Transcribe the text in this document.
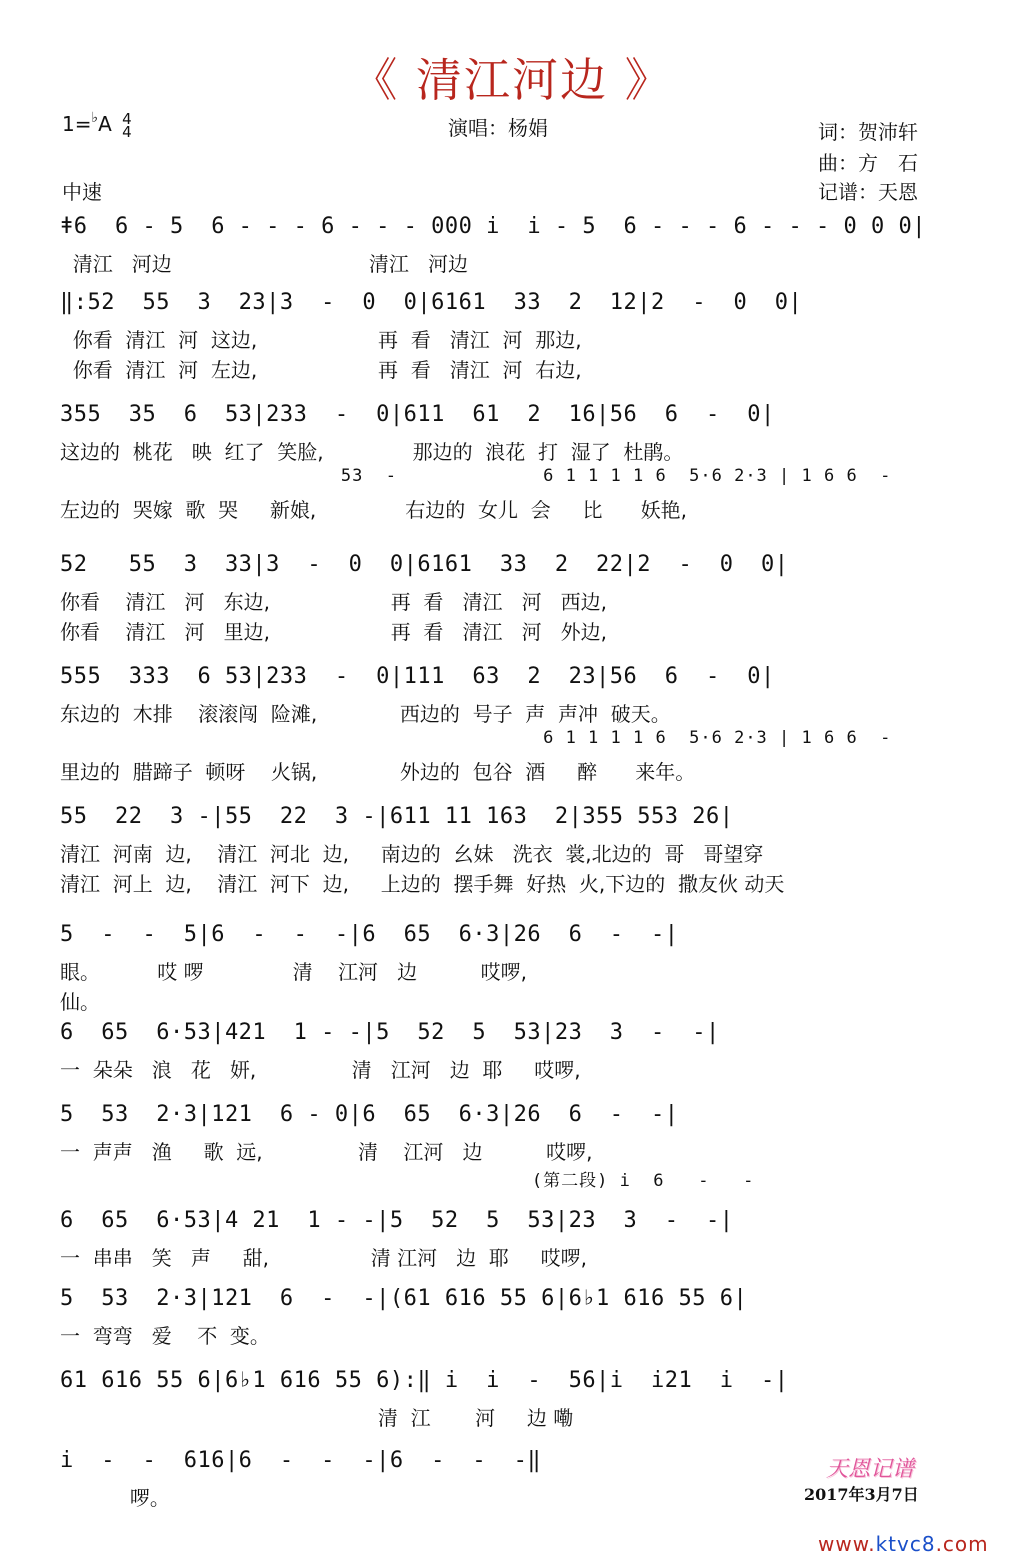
《 清江河边 》
1=♭A 4
4	演唱：杨娟	词：贺沛轩
曲：方　石
记谱：天恩
中速
ǂ6  6 - 5  6 - - - 6 - - - 000 i  i - 5  6 - - - 6 - - - 0 0 0|
清江   河边                               清江   河边
‖:52  55  3  23|3  -  0  0|6161  33  2  12|2  -  0  0|
你看  清江  河  这边,                   再  看   清江  河  那边,
你看  清江  河  左边,                   再  看   清江  河  右边,
355  35  6  53|233  -  0|611  61  2  16|56  6  -  0|
这边的  桃花   映  红了  笑脸,              那边的  浪花  打  湿了  杜鹃。
53  -             6 1 1 1 1 6  5·6 2·3 | 1 6 6  -
左边的  哭嫁  歌  哭     新娘,              右边的  女儿  会     比      妖艳,
52   55  3  33|3  -  0  0|6161  33  2  22|2  -  0  0|
你看    清江   河   东边,                   再  看   清江   河   西边,
你看    清江   河   里边,                   再  看   清江   河   外边,
555  333  6 53|233  -  0|111  63  2  23|56  6  -  0|
东边的  木排    滚滚闯  险滩,             西边的  号子  声  声冲  破天。
6 1 1 1 1 6  5·6 2·3 | 1 6 6  -
里边的  腊蹄子  顿呀    火锅,             外边的  包谷  酒     醉      来年。
55  22  3 -|55  22  3 -|611 11 163  2|355 553 26|
清江  河南  边,    清江  河北  边,     南边的  幺妹   洗衣  裳,北边的  哥   哥望穿
清江  河上  边,    清江  河下  边,     上边的  摆手舞  好热  火,下边的  撒友伙 动天
5  -  -  5|6  -  -  -|6  65  6·3|26  6  -  -|
眼。         哎 啰              清    江河   边          哎啰,
仙。
6  65  6·53|421  1 - -|5  52  5  53|23  3  -  -|
一  朵朵   浪   花   妍,               清   江河   边  耶     哎啰,
5  53  2·3|121  6 - 0|6  65  6·3|26  6  -  -|
一  声声   渔     歌  远,               清    江河   边          哎啰,
(第二段) i  6   -   -
6  65  6·53|4 21  1 - -|5  52  5  53|23  3  -  -|
一  串串   笑   声     甜,                清 江河   边  耶     哎啰,
5  53  2·3|121  6  -  -|(61 616 55 6|6♭1 616 55 6|
一  弯弯   爱    不  变。
61 616 55 6|6♭1 616 55 6):‖ i  i  -  56|i  i21  i  -|
清  江       河     边 嘞
i  -  -  616|6  -  -  -|6  -  -  -‖
啰。
天恩记谱
2017年3月7日
www.ktvc8.com
